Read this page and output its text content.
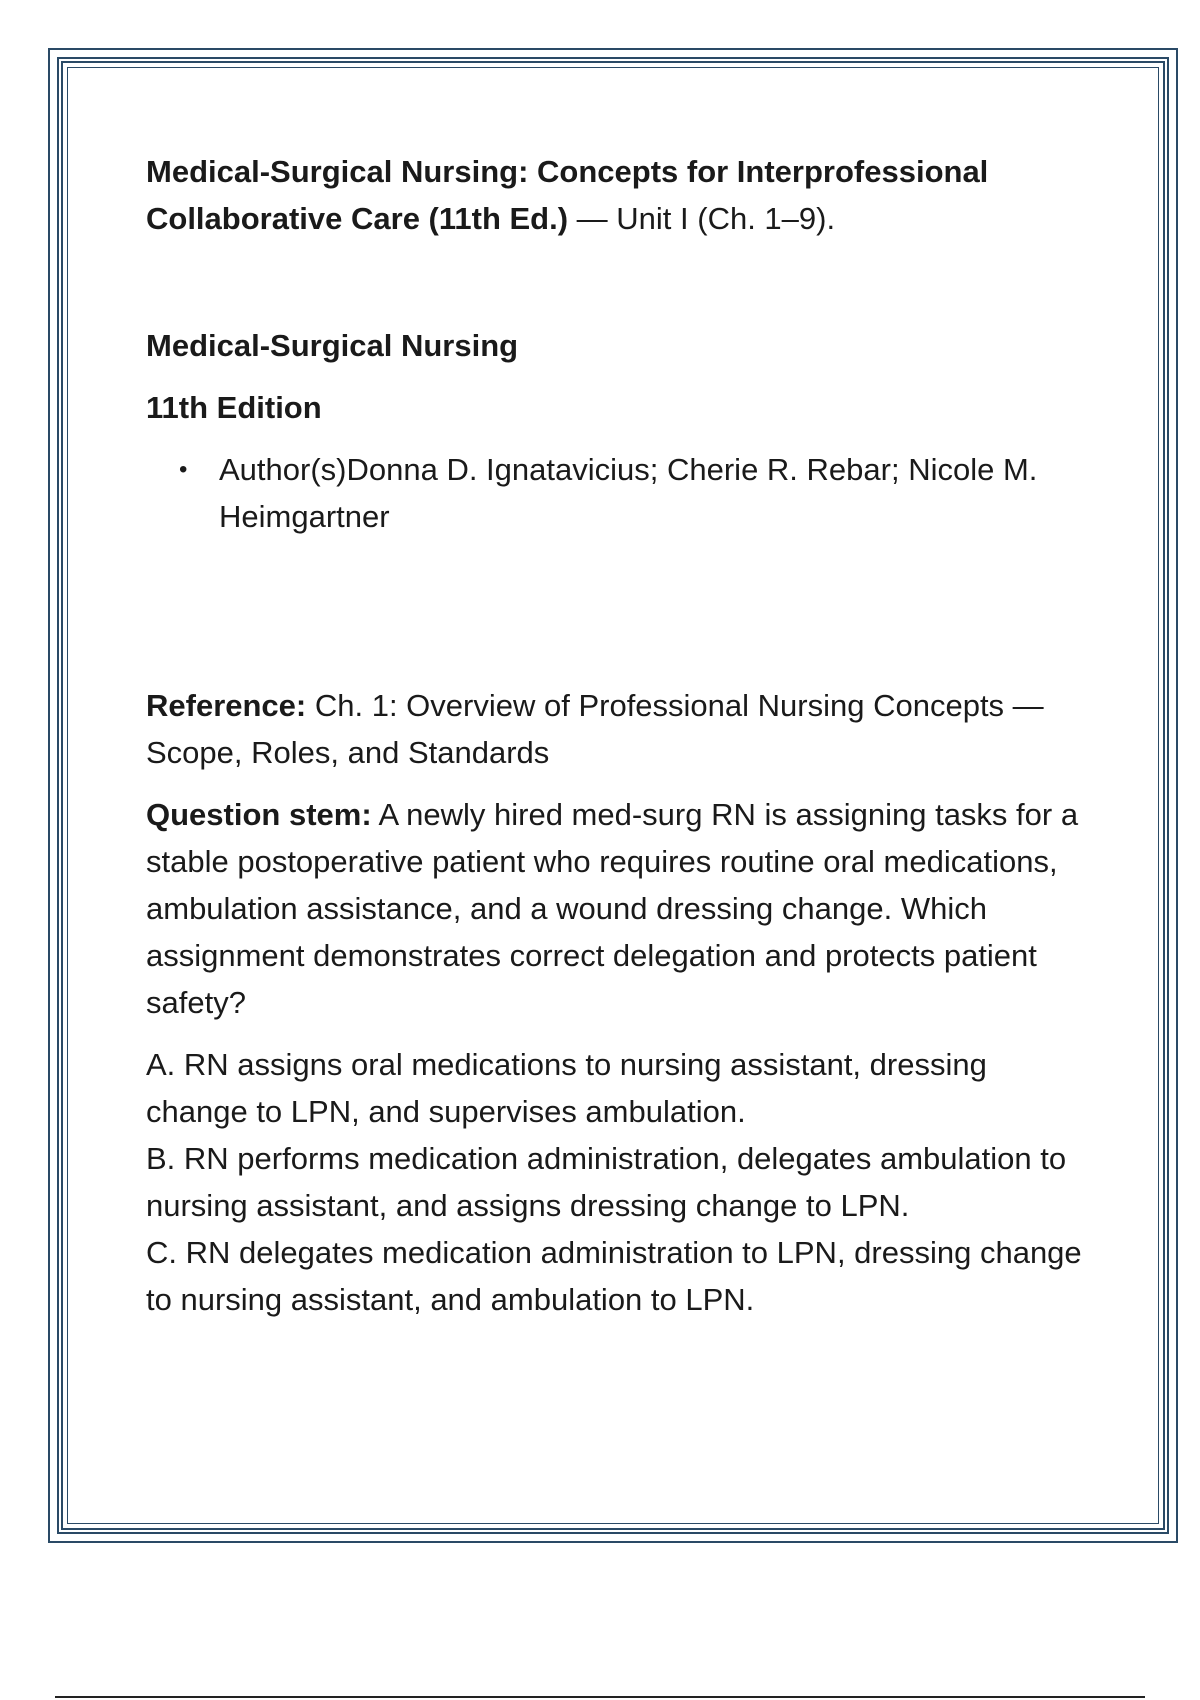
Medical-Surgical Nursing: Concepts for Interprofessional Collaborative Care (11th Ed.) — Unit I (Ch. 1–9).

Medical-Surgical Nursing

11th Edition

• Author(s)Donna D. Ignatavicius; Cherie R. Rebar; Nicole M. Heimgartner

Reference: Ch. 1: Overview of Professional Nursing Concepts — Scope, Roles, and Standards

Question stem: A newly hired med-surg RN is assigning tasks for a stable postoperative patient who requires routine oral medications, ambulation assistance, and a wound dressing change. Which assignment demonstrates correct delegation and protects patient safety?

A. RN assigns oral medications to nursing assistant, dressing change to LPN, and supervises ambulation.
B. RN performs medication administration, delegates ambulation to nursing assistant, and assigns dressing change to LPN.
C. RN delegates medication administration to LPN, dressing change to nursing assistant, and ambulation to LPN.
